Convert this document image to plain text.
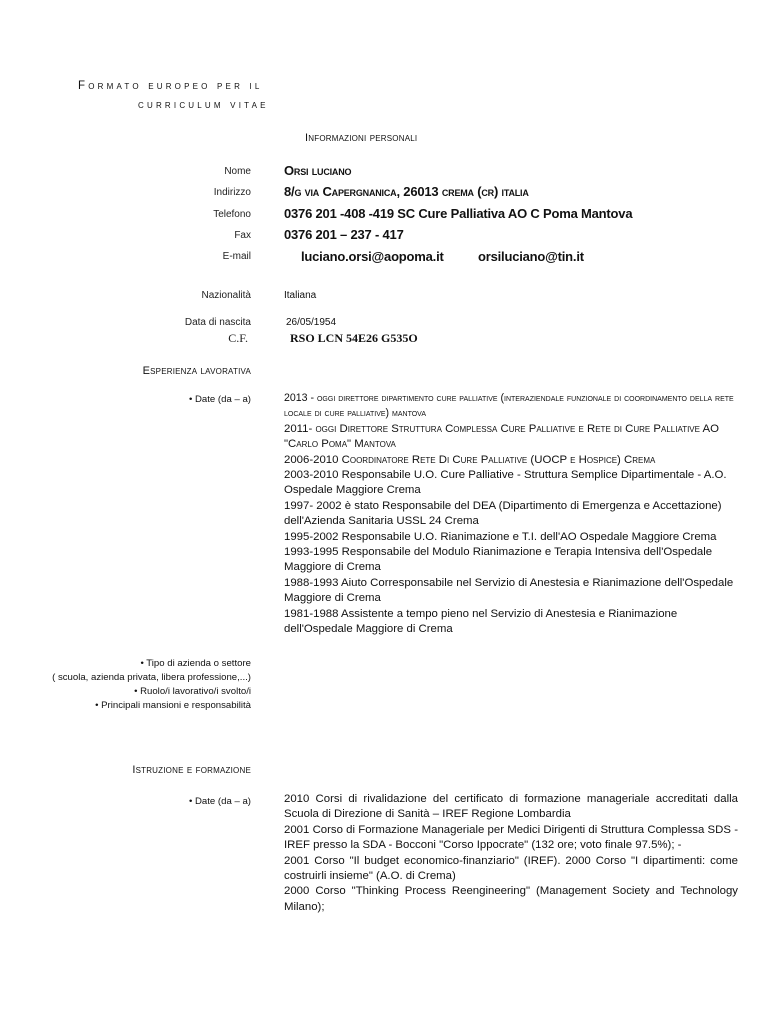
Formato europeo per il
curriculum vitae
Informazioni personali
Nome	Orsi luciano
Indirizzo	8/g via Capergnanica, 26013 crema (cr) italia
Telefono	0376 201 -408 -419 SC Cure Palliativa AO C Poma Mantova
Fax	0376 201 – 237 - 417
E-mail	luciano.orsi@aopoma.it	orsiluciano@tin.it
Nazionalità	Italiana
Data di nascita	26/05/1954
C.F.	RSO LCN 54E26 G535O
Esperienza lavorativa
• Date (da – a)	2013 - oggi direttore dipartimento cure palliative (interaziendale funzionale di coordinamento della rete locale di cure palliative) mantova
2011- oggi Direttore Struttura Complessa Cure Palliative e Rete di Cure Palliative AO "Carlo Poma" Mantova
2006-2010 Coordinatore Rete Di Cure Palliative (UOCP e Hospice) Crema
2003-2010 Responsabile U.O. Cure Palliative - Struttura Semplice Dipartimentale - A.O. Ospedale Maggiore Crema
1997- 2002 è stato Responsabile del DEA (Dipartimento di Emergenza e Accettazione) dell'Azienda Sanitaria USSL 24 Crema
1995-2002 Responsabile U.O. Rianimazione e T.I. dell'AO Ospedale Maggiore Crema
1993-1995 Responsabile del Modulo Rianimazione e Terapia Intensiva dell'Ospedale Maggiore di Crema
1988-1993 Aiuto Corresponsabile nel Servizio di Anestesia e Rianimazione dell'Ospedale Maggiore di Crema
1981-1988 Assistente a tempo pieno nel Servizio di Anestesia e Rianimazione dell'Ospedale Maggiore di Crema
• Tipo di azienda o settore
( scuola, azienda privata, libera professione,...)
• Ruolo/i lavorativo/i svolto/i
• Principali mansioni e responsabilità
Istruzione e formazione
• Date (da – a)	2010 Corsi di rivalidazione del certificato di formazione manageriale accreditati dalla Scuola di Direzione di Sanità – IREF Regione Lombardia
2001 Corso di Formazione Manageriale per Medici Dirigenti di Struttura Complessa SDS - IREF presso la SDA - Bocconi "Corso Ippocrate" (132 ore; voto finale 97.5%); -
2001 Corso "Il budget economico-finanziario" (IREF). 2000 Corso "I dipartimenti: come costruirli insieme" (A.O. di Crema)
2000 Corso "Thinking Process Reengineering" (Management Society and Technology Milano);
